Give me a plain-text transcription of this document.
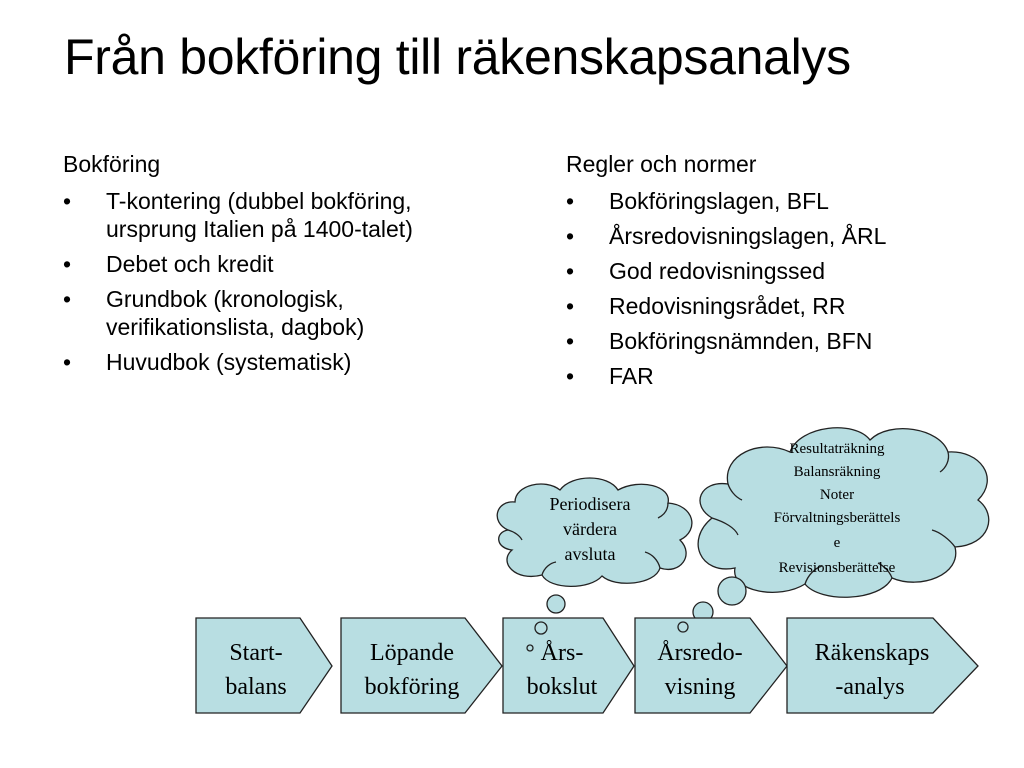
Från bokföring till räkenskapsanalys
Bokföring
• T-kontering (dubbel bokföring,
ursprung Italien på 1400-talet)
• Debet och kredit
• Grundbok (kronologisk,
verifikationslista, dagbok)
• Huvudbok (systematisk)
Regler och normer
• Bokföringslagen, BFL
• Årsredovisningslagen, ÅRL
• God redovisningssed
• Redovisningsrådet, RR
• Bokföringsnämnden, BFN
• FAR
Start-
balans
Löpande
bokföring
Års-
bokslut
Årsredo-
visning
Räkenskaps
-analys
Periodisera
värdera
avsluta
Resultaträkning
Balansräkning
Noter
Förvaltningsberättels
e
Revisionsberättelse
